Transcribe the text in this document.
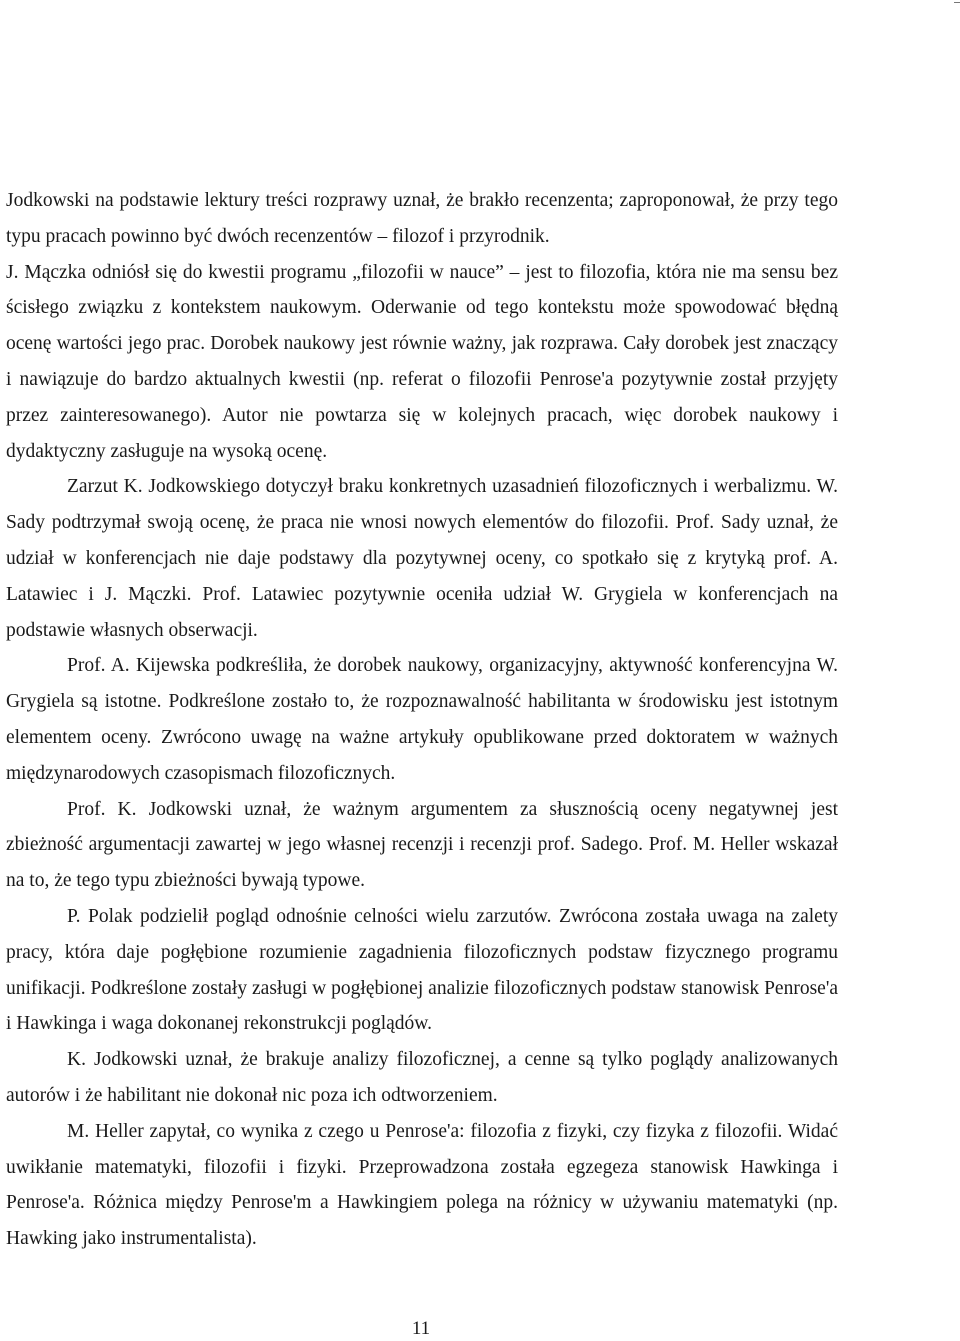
Jodkowski na podstawie lektury treści rozprawy uznał, że brakło recenzenta; zaproponował, że przy tego typu pracach powinno być dwóch recenzentów – filozof i przyrodnik.

J. Mączka odniósł się do kwestii programu „filozofii w nauce” – jest to filozofia, która nie ma sensu bez ścisłego związku z kontekstem naukowym. Oderwanie od tego kontekstu może spowodować błędną ocenę wartości jego prac. Dorobek naukowy jest równie ważny, jak rozprawa. Cały dorobek jest znaczący i nawiązuje do bardzo aktualnych kwestii (np. referat o filozofii Penrose'a pozytywnie został przyjęty przez zainteresowanego). Autor nie powtarza się w kolejnych pracach, więc dorobek naukowy i dydaktyczny zasługuje na wysoką ocenę.

Zarzut K. Jodkowskiego dotyczył braku konkretnych uzasadnień filozoficznych i werbalizmu. W. Sady podtrzymał swoją ocenę, że praca nie wnosi nowych elementów do filozofii. Prof. Sady uznał, że udział w konferencjach nie daje podstawy dla pozytywnej oceny, co spotkało się z krytyką prof. A. Latawiec i J. Mączki. Prof. Latawiec pozytywnie oceniła udział W. Grygiela w konferencjach na podstawie własnych obserwacji.

Prof. A. Kijewska podkreśliła, że dorobek naukowy, organizacyjny, aktywność konferencyjna W. Grygiela są istotne. Podkreślone zostało to, że rozpoznawalność habilitanta w środowisku jest istotnym elementem oceny. Zwrócono uwagę na ważne artykuły opublikowane przed doktoratem w ważnych międzynarodowych czasopismach filozoficznych.

Prof. K. Jodkowski uznał, że ważnym argumentem za słusznością oceny negatywnej jest zbieżność argumentacji zawartej w jego własnej recenzji i recenzji prof. Sadego. Prof. M. Heller wskazał na to, że tego typu zbieżności bywają typowe.

P. Polak podzielił pogląd odnośnie celności wielu zarzutów. Zwrócona została uwaga na zalety pracy, która daje pogłębione rozumienie zagadnienia filozoficznych podstaw fizycznego programu unifikacji. Podkreślone zostały zasługi w pogłębionej analizie filozoficznych podstaw stanowisk Penrose'a i Hawkinga i waga dokonanej rekonstrukcji poglądów.

K. Jodkowski uznał, że brakuje analizy filozoficznej, a cenne są tylko poglądy analizowanych autorów i że habilitant nie dokonał nic poza ich odtworzeniem.

M. Heller zapytał, co wynika z czego u Penrose'a: filozofia z fizyki, czy fizyka z filozofii. Widać uwikłanie matematyki, filozofii i fizyki. Przeprowadzona została egzegeza stanowisk Hawkinga i Penrose'a. Różnica między Penrose'm a Hawkingiem polega na różnicy w używaniu matematyki (np. Hawking jako instrumentalista).

11
